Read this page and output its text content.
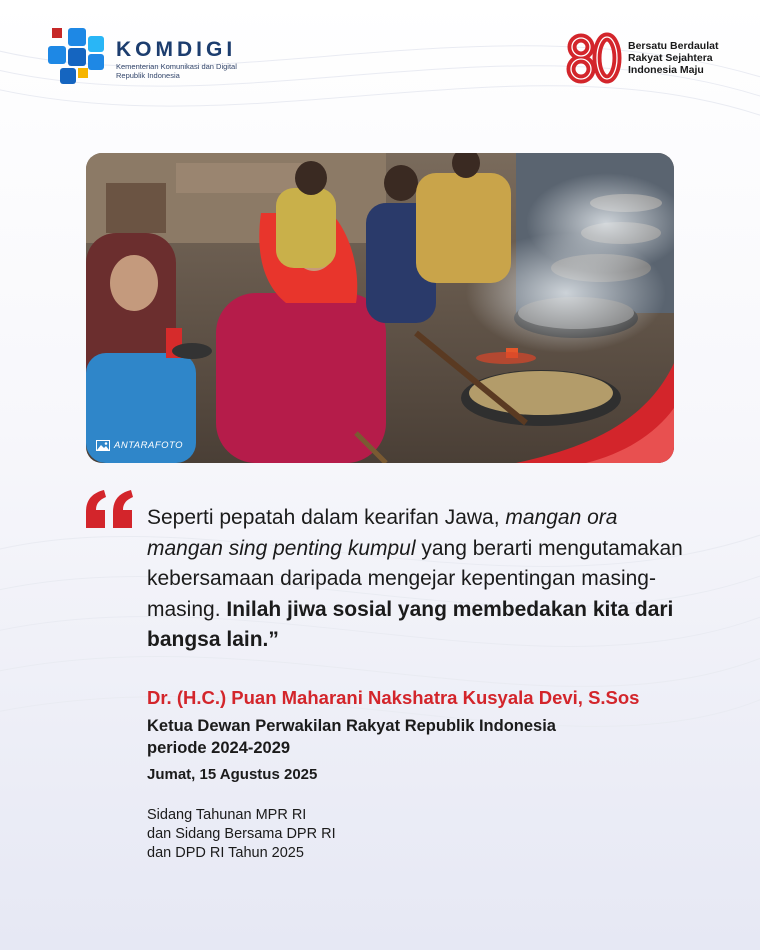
KOMDIGI
Kementerian Komunikasi dan Digital
Republik Indonesia
Bersatu Berdaulat
Rakyat Sejahtera
Indonesia Maju
ANTARAFOTO
Seperti pepatah dalam kearifan Jawa, mangan ora mangan sing penting kumpul yang berarti mengutamakan kebersamaan daripada mengejar kepentingan masing-masing. Inilah jiwa sosial yang membedakan kita dari bangsa lain.”
Dr. (H.C.) Puan Maharani Nakshatra Kusyala Devi, S.Sos
Ketua Dewan Perwakilan Rakyat Republik Indonesia
periode 2024-2029
Jumat, 15 Agustus 2025
Sidang Tahunan MPR RI
dan Sidang Bersama DPR RI
dan DPD RI Tahun 2025
